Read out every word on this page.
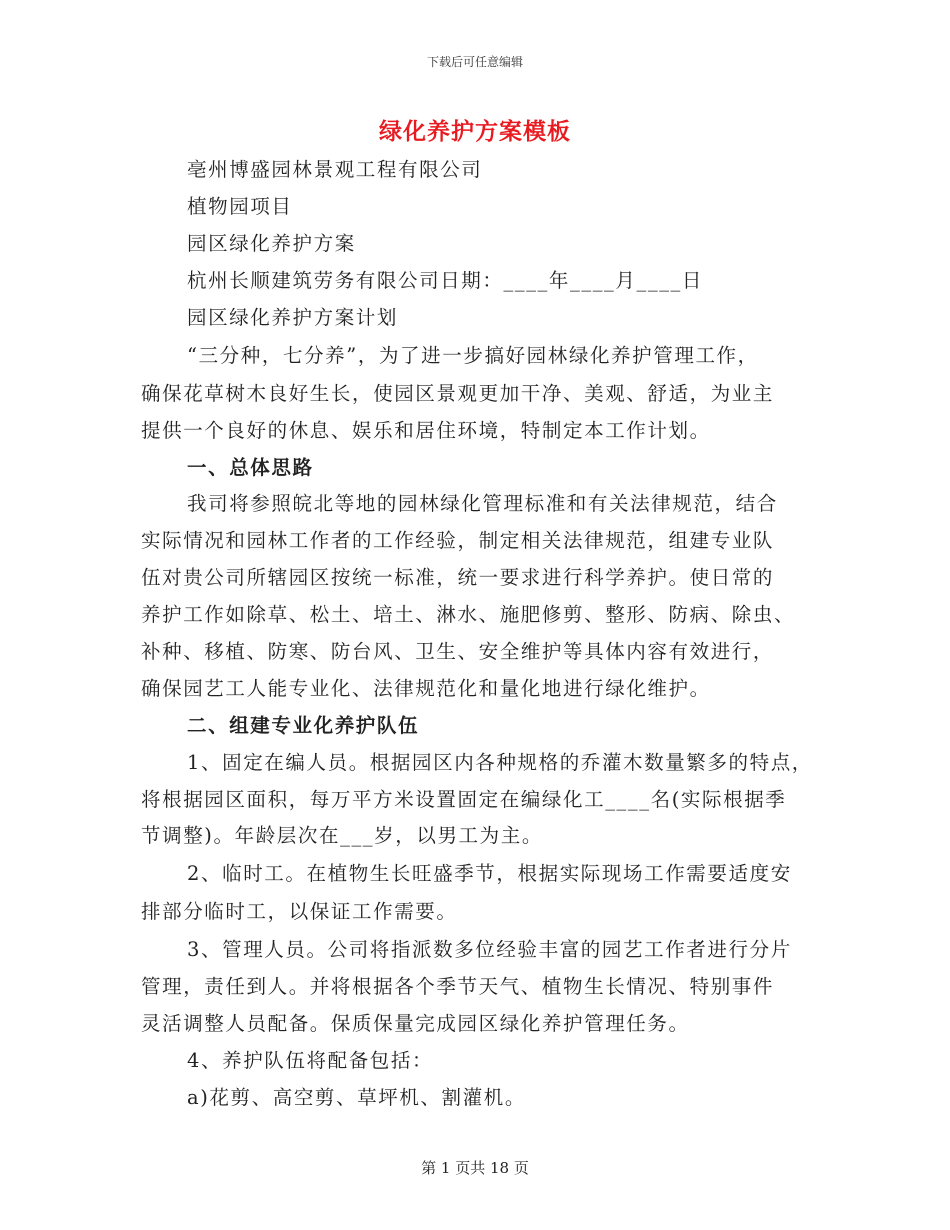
下载后可任意编辑
绿化养护方案模板
亳州博盛园林景观工程有限公司
植物园项目
园区绿化养护方案
杭州长顺建筑劳务有限公司日期：____年____月____日
园区绿化养护方案计划
“三分种，七分养”，为了进一步搞好园林绿化养护管理工作，
确保花草树木良好生长，使园区景观更加干净、美观、舒适，为业主
提供一个良好的休息、娱乐和居住环境，特制定本工作计划。
一、总体思路
我司将参照皖北等地的园林绿化管理标准和有关法律规范，结合
实际情况和园林工作者的工作经验，制定相关法律规范，组建专业队
伍对贵公司所辖园区按统一标准，统一要求进行科学养护。使日常的
养护工作如除草、松土、培土、淋水、施肥修剪、整形、防病、除虫、
补种、移植、防寒、防台风、卫生、安全维护等具体内容有效进行，
确保园艺工人能专业化、法律规范化和量化地进行绿化维护。
二、组建专业化养护队伍
1、固定在编人员。根据园区内各种规格的乔灌木数量繁多的特点，
将根据园区面积，每万平方米设置固定在编绿化工____名(实际根据季
节调整)。年龄层次在___岁，以男工为主。
2、临时工。在植物生长旺盛季节，根据实际现场工作需要适度安
排部分临时工，以保证工作需要。
3、管理人员。公司将指派数多位经验丰富的园艺工作者进行分片
管理，责任到人。并将根据各个季节天气、植物生长情况、特别事件
灵活调整人员配备。保质保量完成园区绿化养护管理任务。
4、养护队伍将配备包括：
a)花剪、高空剪、草坪机、割灌机。
第 1 页共 18 页
